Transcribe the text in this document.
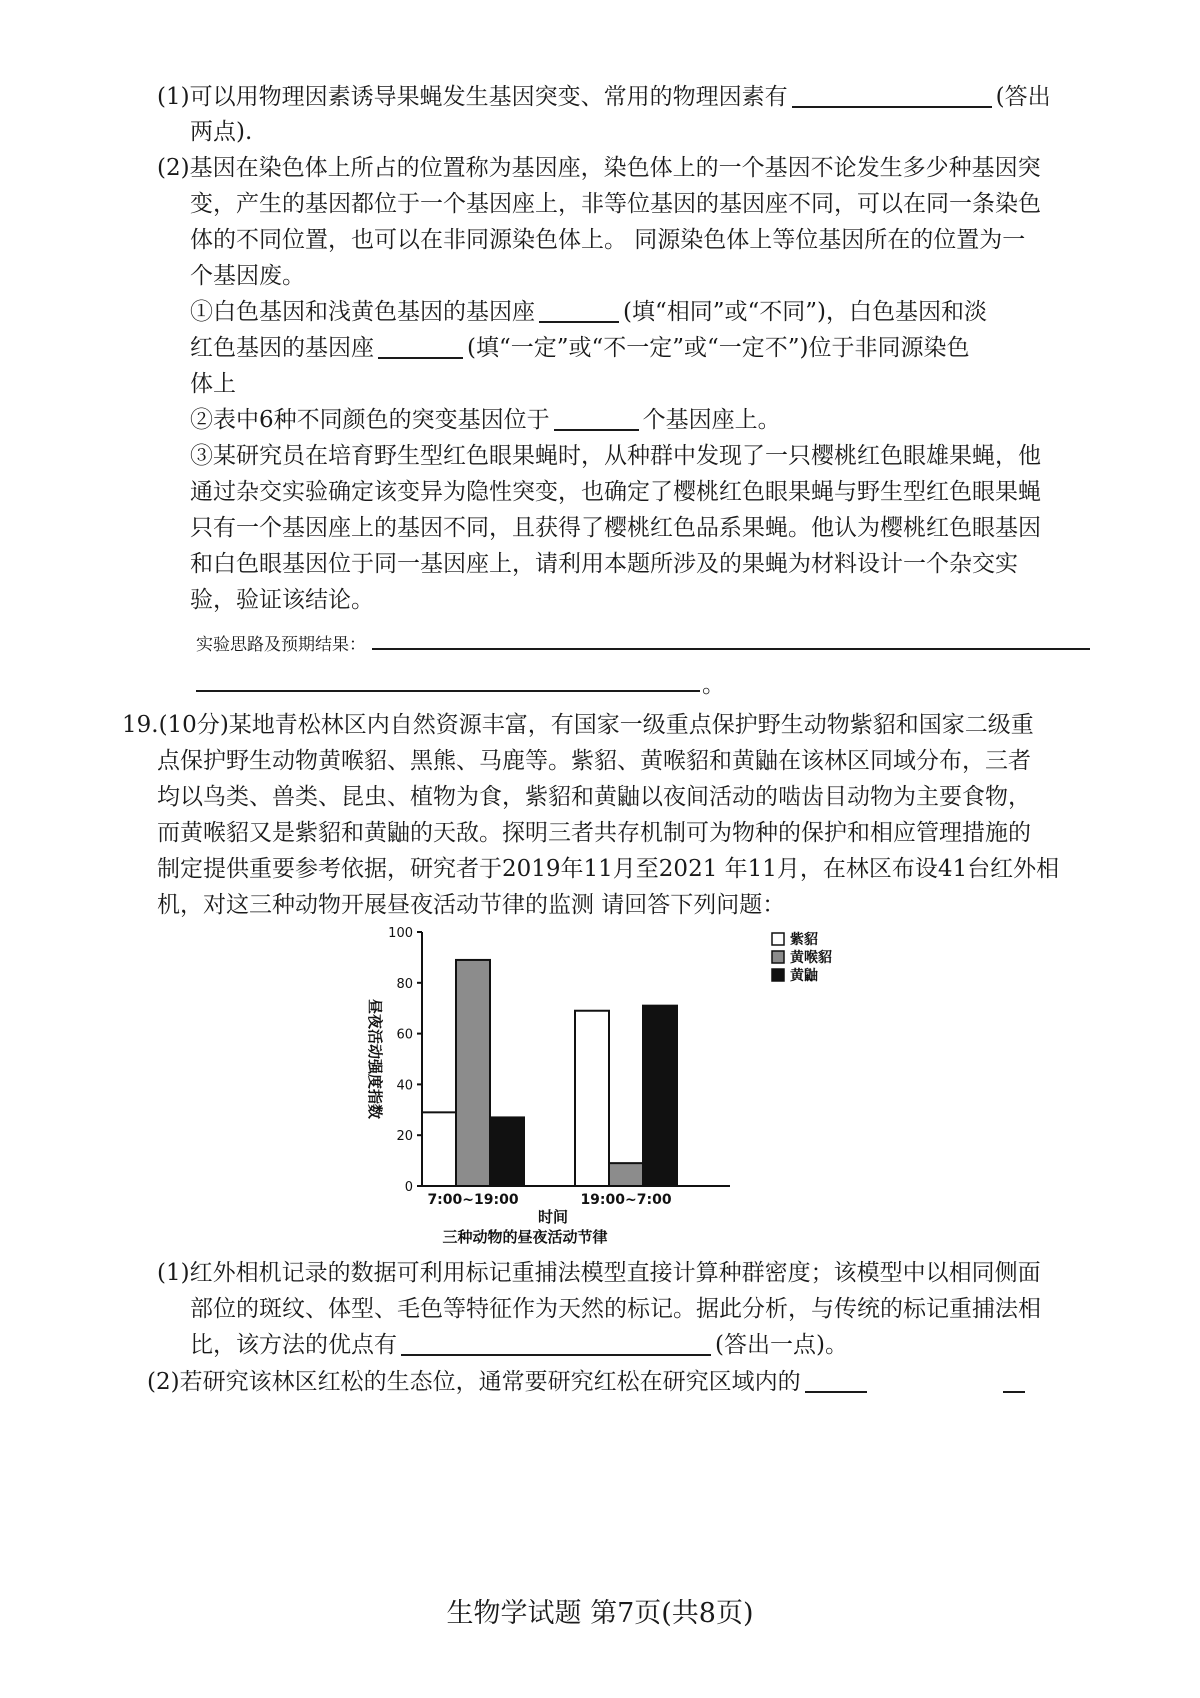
(1)可以用物理因素诱导果蝇发生基因突变、常用的物理因素有	(答出
两点).
(2)基因在染色体上所占的位置称为基因座，染色体上的一个基因不论发生多少种基因突
变，产生的基因都位于一个基因座上，非等位基因的基因座不同，可以在同一条染色
体的不同位置，也可以在非同源染色体上。 同源染色体上等位基因所在的位置为一
个基因废。
①白色基因和浅黄色基因的基因座	(填“相同”或“不同”)，白色基因和淡
红色基因的基因座	(填“一定”或“不一定”或“一定不”)位于非同源染色
体上
②表中6种不同颜色的突变基因位于	个基因座上。
③某研究员在培育野生型红色眼果蝇时，从种群中发现了一只樱桃红色眼雄果蝇，他
通过杂交实验确定该变异为隐性突变，也确定了樱桃红色眼果蝇与野生型红色眼果蝇
只有一个基因座上的基因不同，且获得了樱桃红色品系果蝇。他认为樱桃红色眼基因
和白色眼基因位于同一基因座上，请利用本题所涉及的果蝇为材料设计一个杂交实
验，验证该结论。
实验思路及预期结果：
。
19.(10分)某地青松林区内自然资源丰富，有国家一级重点保护野生动物紫貂和国家二级重
点保护野生动物黄喉貂、黑熊、马鹿等。紫貂、黄喉貂和黄鼬在该林区同域分布，三者
均以鸟类、兽类、昆虫、植物为食，紫貂和黄鼬以夜间活动的啮齿目动物为主要食物，
而黄喉貂又是紫貂和黄鼬的天敌。探明三者共存机制可为物种的保护和相应管理措施的
制定提供重要参考依据，研究者于2019年11月至2021 年11月，在林区布设41台红外相
机，对这三种动物开展昼夜活动节律的监测 请回答下列问题：
0
20
40
60
80
100
昼夜活动强度指数
7:00~19:00	19:00~7:00
时间
三种动物的昼夜活动节律
紫貂
黄喉貂
黄鼬
(1)红外相机记录的数据可利用标记重捕法模型直接计算种群密度；该模型中以相同侧面
部位的斑纹、体型、毛色等特征作为天然的标记。据此分析，与传统的标记重捕法相
比，该方法的优点有	(答出一点)。
(2)若研究该林区红松的生态位，通常要研究红松在研究区域内的
生物学试题 第7页(共8页)
